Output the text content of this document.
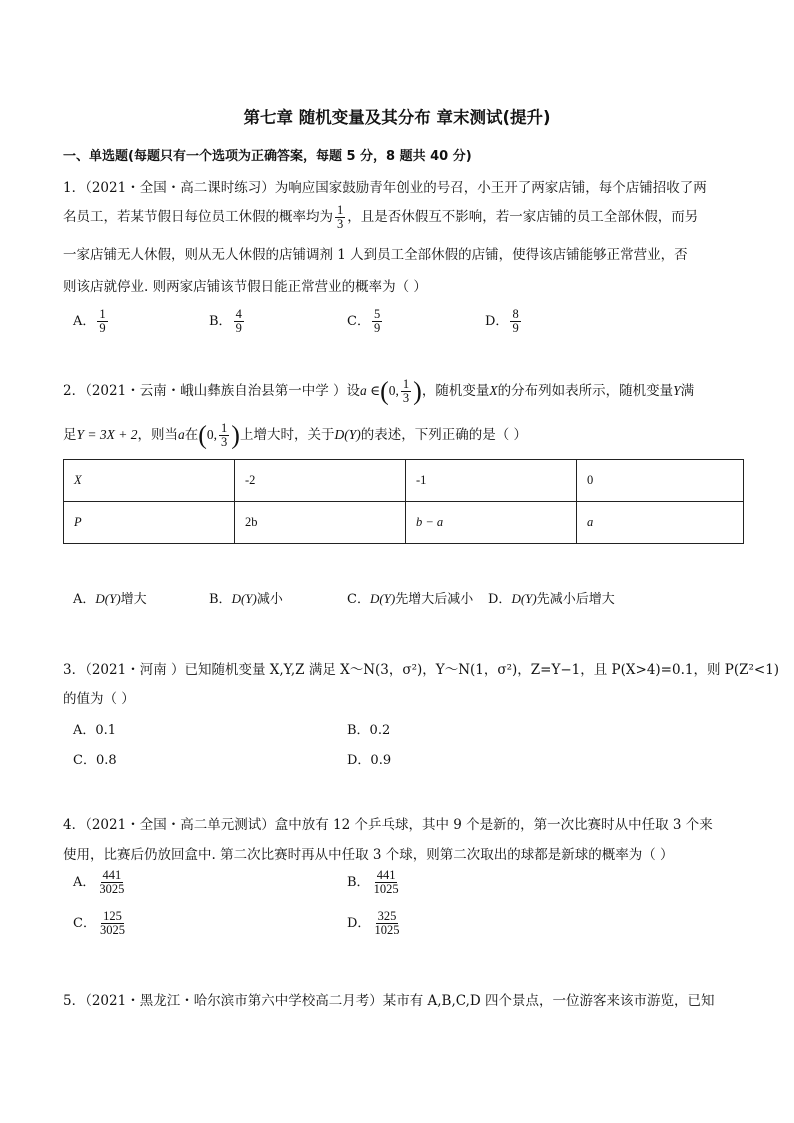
第七章 随机变量及其分布 章末测试(提升)
一、单选题(每题只有一个选项为正确答案，每题 5 分，8 题共 40 分)
1．（2021・全国・高二课时练习）为响应国家鼓励青年创业的号召，小王开了两家店铺，每个店铺招收了两
名员工，若某节假日每位员工休假的概率均为 $\frac{1}{3}$ ，且是否休假互不影响，若一家店铺的员工全部休假，而另
一家店铺无人休假，则从无人休假的店铺调剂 1 人到员工全部休假的店铺，使得该店铺能够正常营业，否
则该店就停业. 则两家店铺该节假日能正常营业的概率为（ ）
A． $\frac{1}{9}$	B． $\frac{4}{9}$	C． $\frac{5}{9}$	D． $\frac{8}{9}$
2．（2021・云南・峨山彝族自治县第一中学 ）设a ∈(0, $\frac{1}{3}$ )，随机变量X的分布列如表所示，随机变量Y满
足Y = 3X + 2，则当a在(0, $\frac{1}{3}$ )上增大时，关于D(Y)的表述，下列正确的是（ ）
X	-2	-1	0
P	2b	b − a	a
A．D(Y)增大	B．D(Y)减小	C．D(Y)先增大后减小 D．D(Y)先减小后增大
3．（2021・河南 ）已知随机变量 X,Y,Z 满足 X～N(3，σ²)，Y～N(1，σ²)，Z=Y−1，且 P(X>4)=0.1，则 P(Z²<1)
的值为（ ）
A．0.1	B．0.2
C．0.8	D．0.9
4．（2021・全国・高二单元测试）盒中放有 12 个乒乓球，其中 9 个是新的，第一次比赛时从中任取 3 个来
使用，比赛后仍放回盒中. 第二次比赛时再从中任取 3 个球，则第二次取出的球都是新球的概率为（ ）
A． $\frac{441}{3025}$	B． $\frac{441}{1025}$
C． $\frac{125}{3025}$	D． $\frac{325}{1025}$
5．（2021・黑龙江・哈尔滨市第六中学校高二月考）某市有 A,B,C,D 四个景点，一位游客来该市游览，已知
